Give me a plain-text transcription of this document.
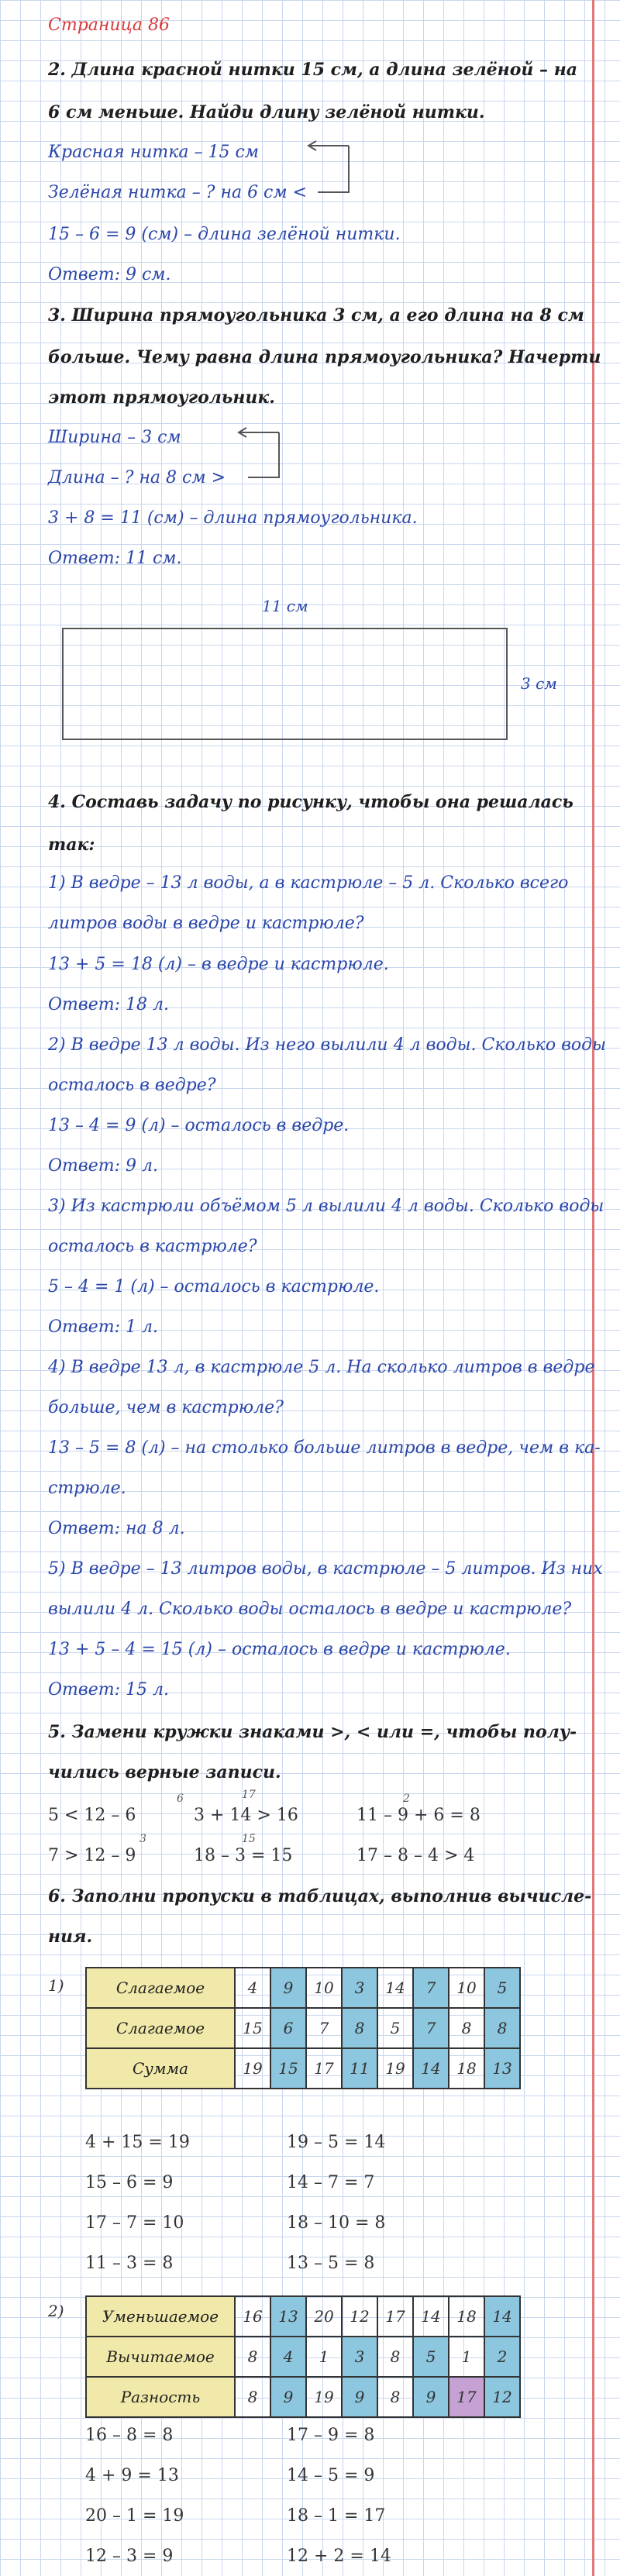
Страница 86
2. Длина красной нитки 15 см, а длина зелёной – на
6 см меньше. Найди длину зелёной нитки.
Красная нитка – 15 см
Зелёная нитка – ? на 6 см <
15 – 6 = 9 (см) – длина зелёной нитки.
Ответ: 9 см.
3. Ширина прямоугольника 3 см, а его длина на 8 см
больше. Чему равна длина прямоугольника? Начерти
этот прямоугольник.
Ширина – 3 см
Длина – ? на 8 см >
3 + 8 = 11 (см) – длина прямоугольника.
Ответ: 11 см.
11 см
3 см
4. Составь задачу по рисунку, чтобы она решалась
так:
1) В ведре – 13 л воды, а в кастрюле – 5 л. Сколько всего
литров воды в ведре и кастрюле?
13 + 5 = 18 (л) – в ведре и кастрюле.
Ответ: 18 л.
2) В ведре 13 л воды. Из него вылили 4 л воды. Сколько воды
осталось в ведре?
13 – 4 = 9 (л) – осталось в ведре.
Ответ: 9 л.
3) Из кастрюли объёмом 5 л вылили 4 л воды. Сколько воды
осталось в кастрюле?
5 – 4 = 1 (л) – осталось в кастрюле.
Ответ: 1 л.
4) В ведре 13 л, в кастрюле 5 л. На сколько литров в ведре
больше, чем в кастрюле?
13 – 5 = 8 (л) – на столько больше литров в ведре, чем в ка-
стрюле.
Ответ: на 8 л.
5) В ведре – 13 литров воды, в кастрюле – 5 литров. Из них
вылили 4 л. Сколько воды осталось в ведре и кастрюле?
13 + 5 – 4 = 15 (л) – осталось в ведре и кастрюле.
Ответ: 15 л.
5. Замени кружки знаками >, < или =, чтобы полу-
чились верные записи.
6	17	2
5 < 12 – 6	3 + 14 > 16	11 – 9 + 6 = 8
3	15
7 > 12 – 9	18 – 3 = 15	17 – 8 – 4 > 4
6. Заполни пропуски в таблицах, выполнив вычисле-
ния.
1)	Слагаемое	4	9	10	3	14	7	10	5
Слагаемое	15	6	7	8	5	7	8	8
Сумма	19	15	17	11	19	14	18	13
4 + 15 = 19
15 – 6 = 9
17 – 7 = 10
11 – 3 = 8
19 – 5 = 14
14 – 7 = 7
18 – 10 = 8
13 – 5 = 8
2) Уменьшаемое	16	13	20	12	17	14	18	14
Вычитаемое	8	4	1	3	8	5	1	2
Разность	8	9	19	9	8	9	17	12
16 – 8 = 8
4 + 9 = 13
20 – 1 = 19
12 – 3 = 9
17 – 9 = 8
14 – 5 = 9
18 – 1 = 17
12 + 2 = 14
